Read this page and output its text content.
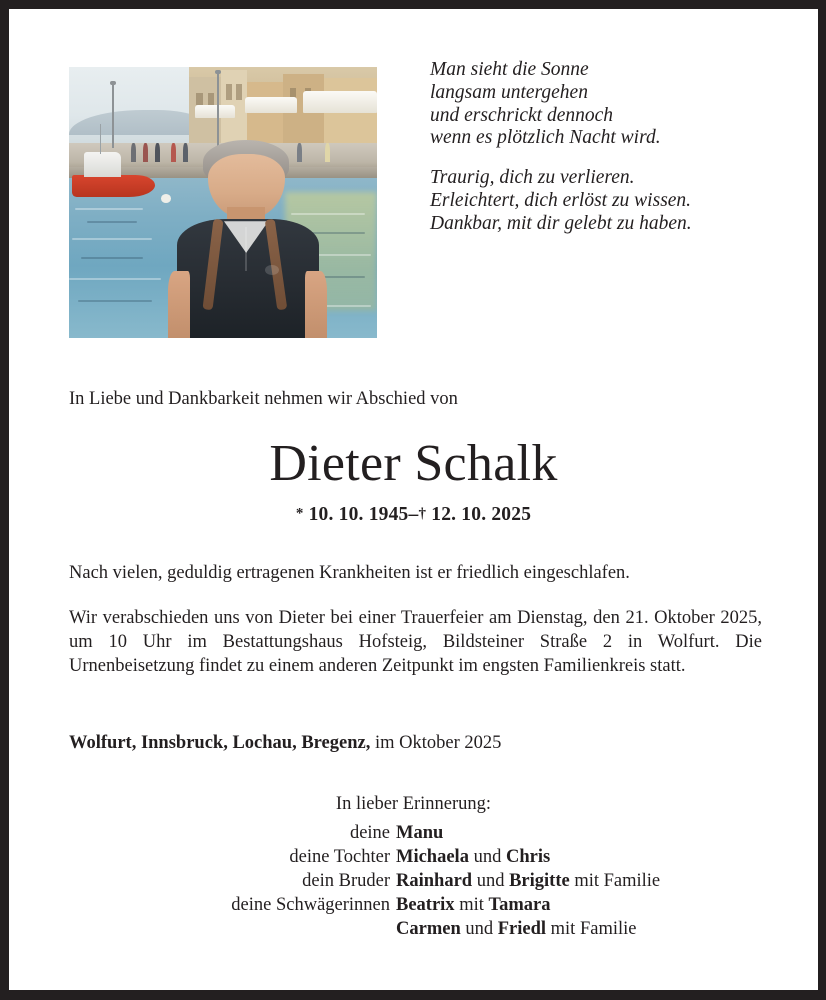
Man sieht die Sonne
langsam untergehen
und erschrickt dennoch
wenn es plötzlich Nacht wird.
Traurig, dich zu verlieren.
Erleichtert, dich erlöst zu wissen.
Dankbar, mit dir gelebt zu haben.
In Liebe und Dankbarkeit nehmen wir Abschied von
Dieter Schalk
* 10. 10. 1945–† 12. 10. 2025
Nach vielen, geduldig ertragenen Krankheiten ist er friedlich eingeschlafen.
Wir verabschieden uns von Dieter bei einer Trauerfeier am Dienstag, den 21. Oktober 2025, um 10 Uhr im Bestattungshaus Hofsteig, Bildsteiner Straße 2 in Wolfurt. Die Urnenbeisetzung findet zu einem anderen Zeitpunkt im engsten Familienkreis statt.
Wolfurt, Innsbruck, Lochau, Bregenz, im Oktober 2025
In lieber Erinnerung:
deine Manu
deine Tochter Michaela und Chris
dein Bruder Rainhard und Brigitte mit Familie
deine Schwägerinnen Beatrix mit Tamara
Carmen und Friedl mit Familie
